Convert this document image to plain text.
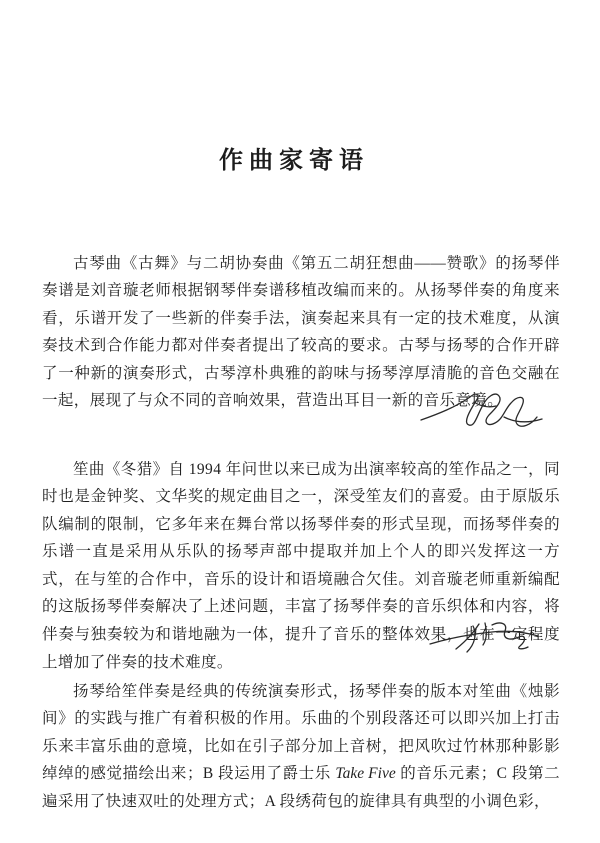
作曲家寄语

古琴曲《古舞》与二胡协奏曲《第五二胡狂想曲——赞歌》的扬琴伴奏谱是刘音璇老师根据钢琴伴奏谱移植改编而来的。从扬琴伴奏的角度来看，乐谱开发了一些新的伴奏手法，演奏起来具有一定的技术难度，从演奏技术到合作能力都对伴奏者提出了较高的要求。古琴与扬琴的合作开辟了一种新的演奏形式，古琴淳朴典雅的韵味与扬琴淳厚清脆的音色交融在一起，展现了与众不同的音响效果，营造出耳目一新的音乐意境。

笙曲《冬猎》自 1994 年问世以来已成为出演率较高的笙作品之一，同时也是金钟奖、文华奖的规定曲目之一，深受笙友们的喜爱。由于原版乐队编制的限制，它多年来在舞台常以扬琴伴奏的形式呈现，而扬琴伴奏的乐谱一直是采用从乐队的扬琴声部中提取并加上个人的即兴发挥这一方式，在与笙的合作中，音乐的设计和语境融合欠佳。刘音璇老师重新编配的这版扬琴伴奏解决了上述问题，丰富了扬琴伴奏的音乐织体和内容，将伴奏与独奏较为和谐地融为一体，提升了音乐的整体效果，也在一定程度上增加了伴奏的技术难度。

扬琴给笙伴奏是经典的传统演奏形式，扬琴伴奏的版本对笙曲《烛影间》的实践与推广有着积极的作用。乐曲的个别段落还可以即兴加上打击乐来丰富乐曲的意境，比如在引子部分加上音树，把风吹过竹林那种影影绰绰的感觉描绘出来；B 段运用了爵士乐 Take Five 的音乐元素；C 段第二遍采用了快速双吐的处理方式；A 段绣荷包的旋律具有典型的小调色彩，
